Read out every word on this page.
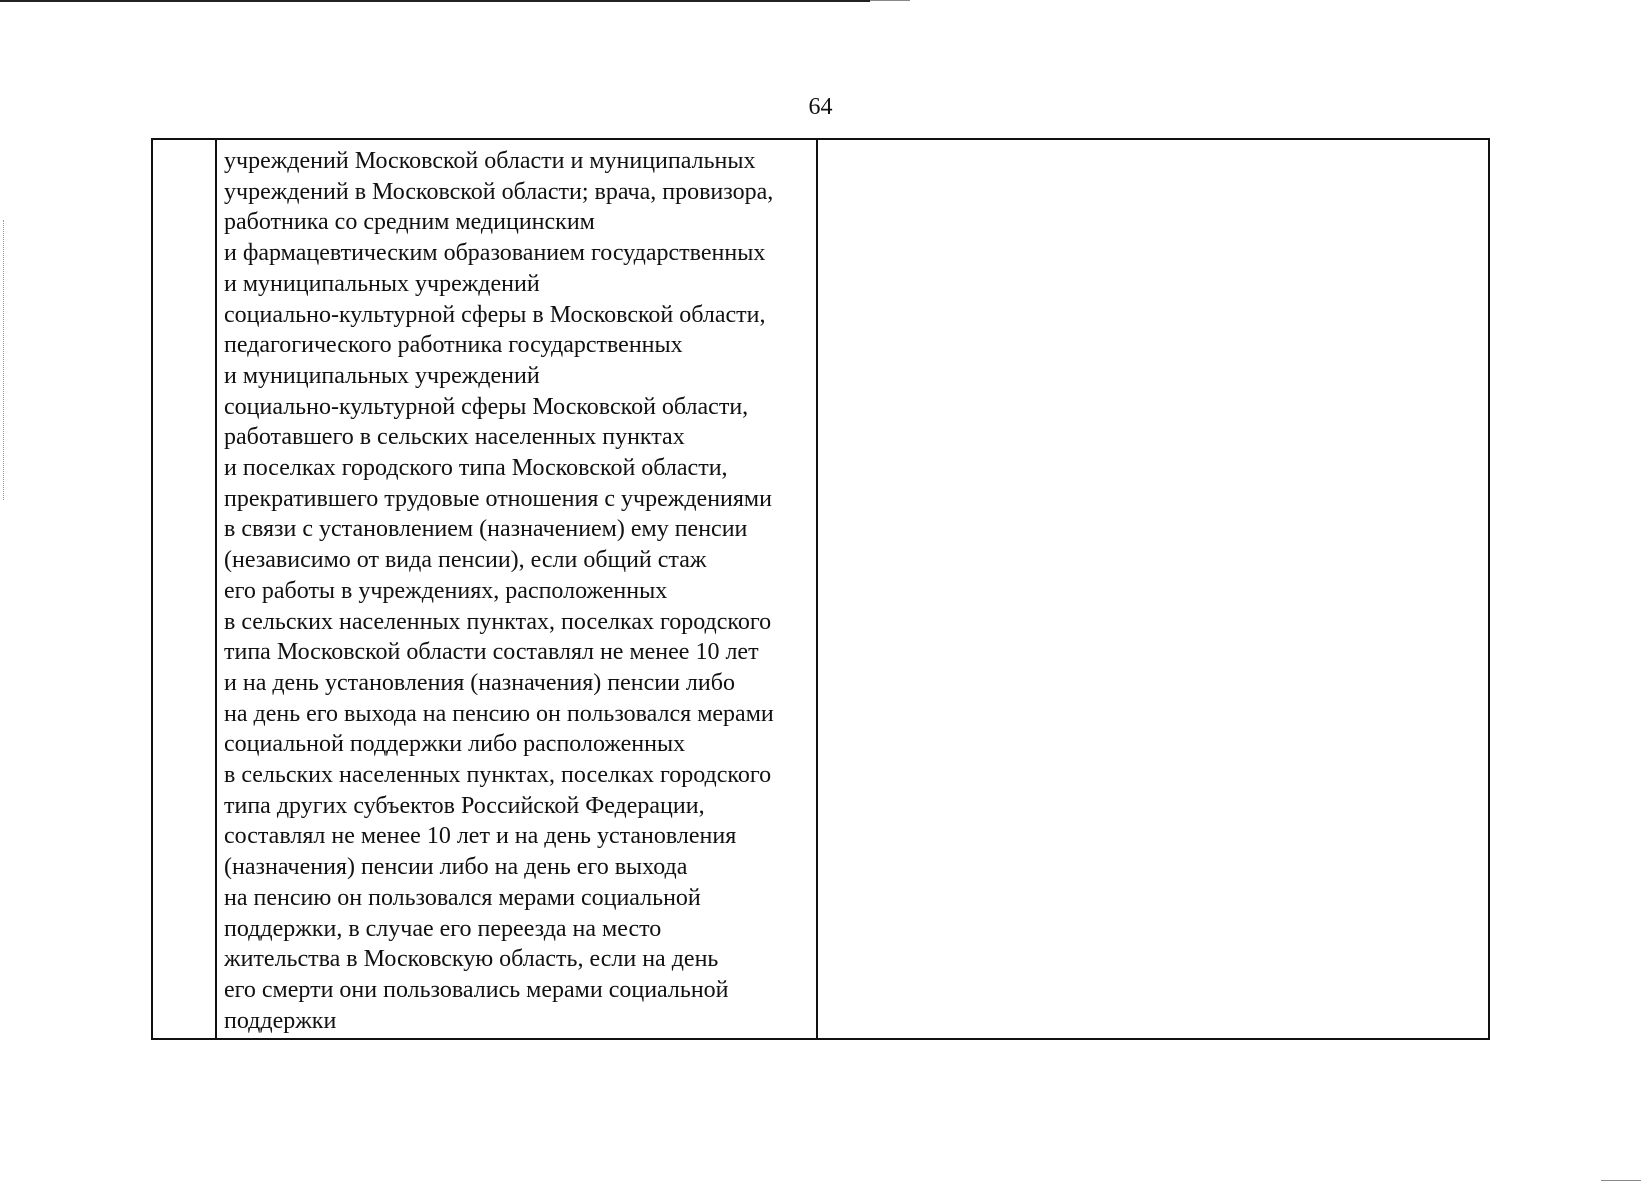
64

учреждений Московской области и муниципальных
учреждений в Московской области; врача, провизора,
работника со средним медицинским
и фармацевтическим образованием государственных
и муниципальных учреждений
социально-культурной сферы в Московской области,
педагогического работника государственных
и муниципальных учреждений
социально-культурной сферы Московской области,
работавшего в сельских населенных пунктах
и поселках городского типа Московской области,
прекратившего трудовые отношения с учреждениями
в связи с установлением (назначением) ему пенсии
(независимо от вида пенсии), если общий стаж
его работы в учреждениях, расположенных
в сельских населенных пунктах, поселках городского
типа Московской области составлял не менее 10 лет
и на день установления (назначения) пенсии либо
на день его выхода на пенсию он пользовался мерами
социальной поддержки либо расположенных
в сельских населенных пунктах, поселках городского
типа других субъектов Российской Федерации,
составлял не менее 10 лет и на день установления
(назначения) пенсии либо на день его выхода
на пенсию он пользовался мерами социальной
поддержки, в случае его переезда на место
жительства в Московскую область, если на день
его смерти они пользовались мерами социальной
поддержки
